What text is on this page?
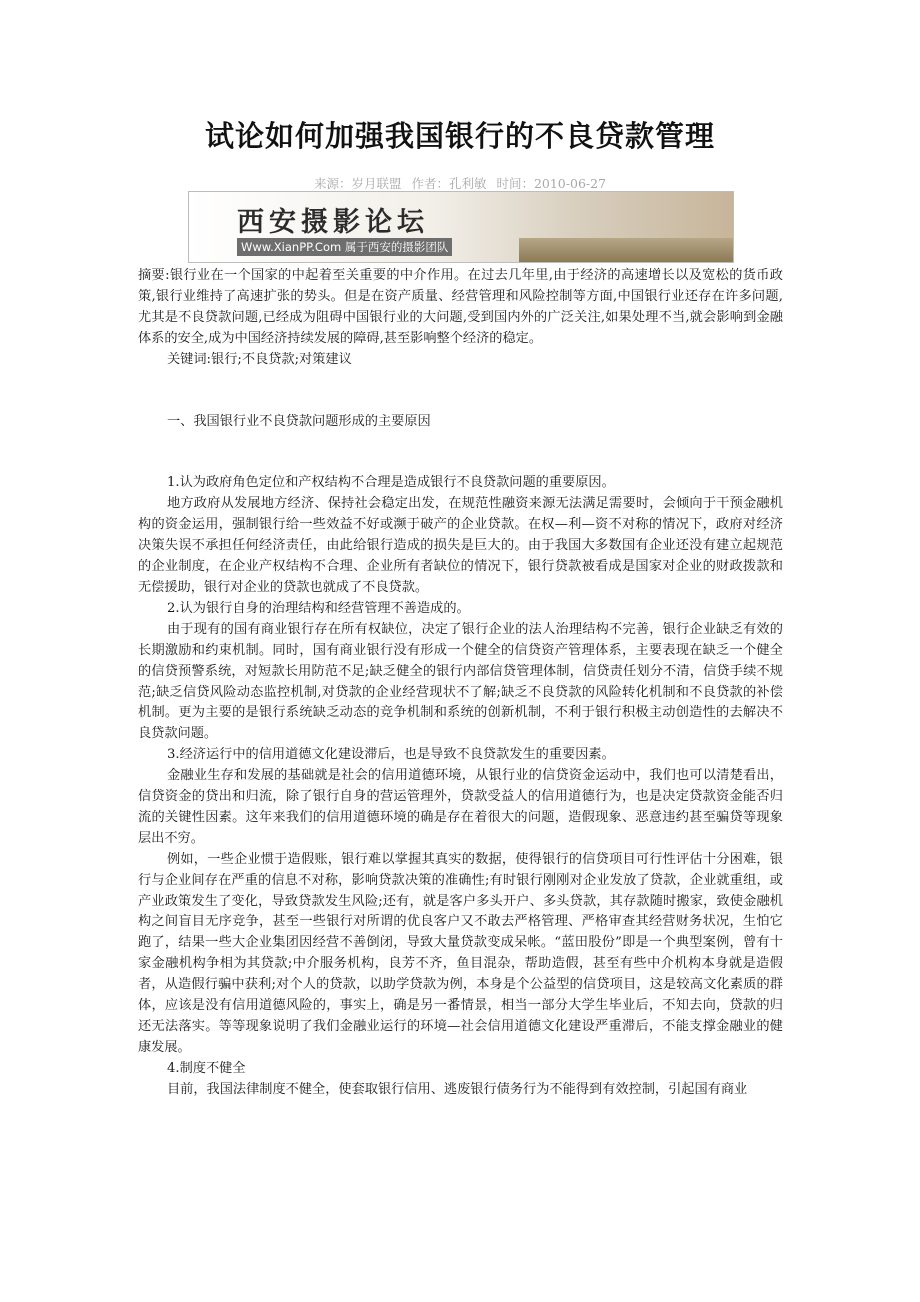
试论如何加强我国银行的不良贷款管理
来源：岁月联盟 作者：孔利敏 时间：2010-06-27
西安摄影论坛
Www.XianPP.Com 属于西安的摄影团队

摘要:银行业在一个国家的中起着至关重要的中介作用。在过去几年里,由于经济的高速增长以及宽松的货币政策,银行业维持了高速扩张的势头。但是在资产质量、经营管理和风险控制等方面,中国银行业还存在许多问题,尤其是不良贷款问题,已经成为阻碍中国银行业的大问题,受到国内外的广泛关注,如果处理不当,就会影响到金融体系的安全,成为中国经济持续发展的障碍,甚至影响整个经济的稳定。

关键词:银行;不良贷款;对策建议

一、我国银行业不良贷款问题形成的主要原因

1.认为政府角色定位和产权结构不合理是造成银行不良贷款问题的重要原因。

地方政府从发展地方经济、保持社会稳定出发，在规范性融资来源无法满足需要时，会倾向于干预金融机构的资金运用，强制银行给一些效益不好或濒于破产的企业贷款。在权—利—资不对称的情况下，政府对经济决策失误不承担任何经济责任，由此给银行造成的损失是巨大的。由于我国大多数国有企业还没有建立起规范的企业制度，在企业产权结构不合理、企业所有者缺位的情况下，银行贷款被看成是国家对企业的财政拨款和无偿援助，银行对企业的贷款也就成了不良贷款。

2.认为银行自身的治理结构和经营管理不善造成的。

由于现有的国有商业银行存在所有权缺位，决定了银行企业的法人治理结构不完善，银行企业缺乏有效的长期激励和约束机制。同时，国有商业银行没有形成一个健全的信贷资产管理体系，主要表现在缺乏一个健全的信贷预警系统，对短款长用防范不足;缺乏健全的银行内部信贷管理体制，信贷责任划分不清，信贷手续不规范;缺乏信贷风险动态监控机制,对贷款的企业经营现状不了解;缺乏不良贷款的风险转化机制和不良贷款的补偿机制。更为主要的是银行系统缺乏动态的竞争机制和系统的创新机制，不利于银行积极主动创造性的去解决不良贷款问题。

3.经济运行中的信用道德文化建设滞后，也是导致不良贷款发生的重要因素。

金融业生存和发展的基础就是社会的信用道德环境，从银行业的信贷资金运动中，我们也可以清楚看出，信贷资金的贷出和归流，除了银行自身的营运管理外，贷款受益人的信用道德行为，也是决定贷款资金能否归流的关键性因素。这年来我们的信用道德环境的确是存在着很大的问题，造假现象、恶意违约甚至骗贷等现象层出不穷。

例如，一些企业惯于造假账，银行难以掌握其真实的数据，使得银行的信贷项目可行性评估十分困难，银行与企业间存在严重的信息不对称，影响贷款决策的准确性;有时银行刚刚对企业发放了贷款，企业就重组，或产业政策发生了变化，导致贷款发生风险;还有，就是客户多头开户、多头贷款，其存款随时搬家，致使金融机构之间盲目无序竞争，甚至一些银行对所谓的优良客户又不敢去严格管理、严格审查其经营财务状况，生怕它跑了，结果一些大企业集团因经营不善倒闭，导致大量贷款变成呆帐。“蓝田股份”即是一个典型案例，曾有十家金融机构争相为其贷款;中介服务机构，良芳不齐，鱼目混杂，帮助造假，甚至有些中介机构本身就是造假者，从造假行骗中获利;对个人的贷款，以助学贷款为例，本身是个公益型的信贷项目，这是较高文化素质的群体，应该是没有信用道德风险的，事实上，确是另一番情景，相当一部分大学生毕业后，不知去向，贷款的归还无法落实。等等现象说明了我们金融业运行的环境—社会信用道德文化建设严重滞后，不能支撑金融业的健康发展。

4.制度不健全

目前，我国法律制度不健全，使套取银行信用、逃废银行债务行为不能得到有效控制，引起国有商业
